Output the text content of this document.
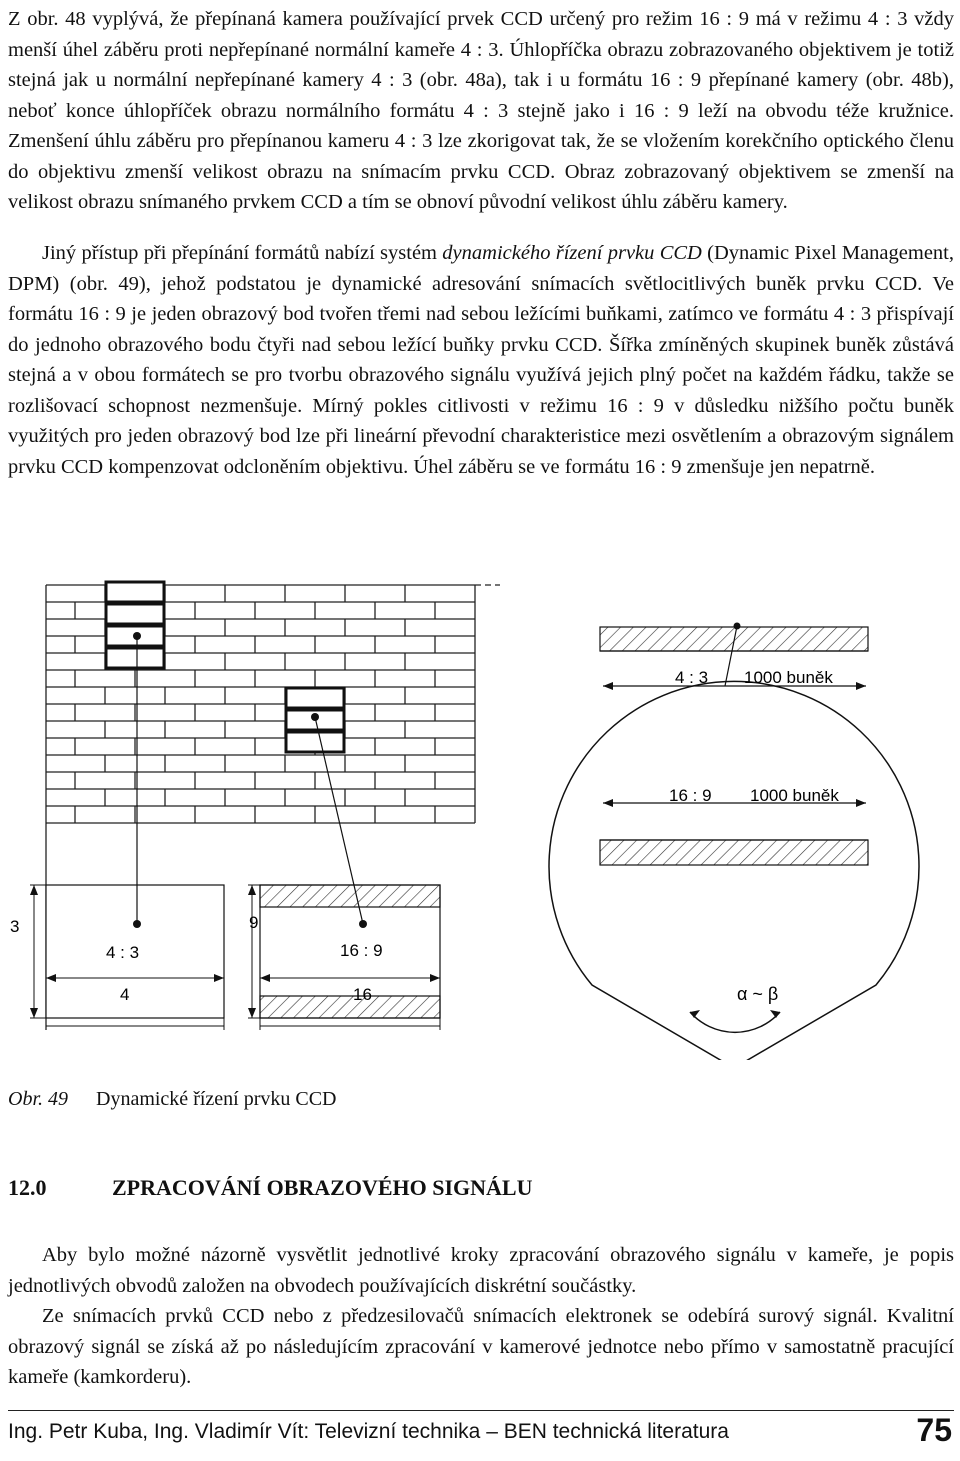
Z obr. 48 vyplývá, že přepínaná kamera používající prvek CCD určený pro režim 16 : 9 má v režimu 4 : 3 vždy menší úhel záběru proti nepřepínané normální kameře 4 : 3. Úhlopříčka obrazu zobrazovaného objektivem je totiž stejná jak u normální nepřepínané kamery 4 : 3 (obr. 48a), tak i u formátu 16 : 9 přepínané kamery (obr. 48b), neboť konce úhlopříček obrazu normálního formátu 4 : 3 stejně jako i 16 : 9 leží na obvodu téže kružnice. Zmenšení úhlu záběru pro přepínanou kameru 4 : 3 lze zkorigovat tak, že se vložením korekčního optického členu do objektivu zmenší velikost obrazu na snímacím prvku CCD. Obraz zobrazovaný objektivem se zmenší na velikost obrazu snímaného prvkem CCD a tím se obnoví původní velikost úhlu záběru kamery.

Jiný přístup při přepínání formátů nabízí systém dynamického řízení prvku CCD (Dynamic Pixel Management, DPM) (obr. 49), jehož podstatou je dynamické adresování snímacích světlocitlivých buněk prvku CCD. Ve formátu 16 : 9 je jeden obrazový bod tvořen třemi nad sebou ležícími buňkami, zatímco ve formátu 4 : 3 přispívají do jednoho obrazového bodu čtyři nad sebou ležící buňky prvku CCD. Šířka zmíněných skupinek buněk zůstává stejná a v obou formátech se pro tvorbu obrazového signálu využívá jejich plný počet na každém řádku, takže se rozlišovací schopnost nezmenšuje. Mírný pokles citlivosti v režimu 16 : 9 v důsledku nižšího počtu buněk využitých pro jeden obrazový bod lze při lineární převodní charakteristice mezi osvětlením a obrazovým signálem prvku CCD kompenzovat odcloněním objektivu. Úhel záběru se ve formátu 16 : 9 zmenšuje jen nepatrně.

4 : 3 1000 buněk
16 : 9 1000 buněk
α ~ β
3
4 : 3
4
9
16 : 9
16
Obr. 49 Dynamické řízení prvku CCD
12.0	ZPRACOVÁNÍ OBRAZOVÉHO SIGNÁLU

Aby bylo možné názorně vysvětlit jednotlivé kroky zpracování obrazového signálu v kameře, je popis jednotlivých obvodů založen na obvodech používajících diskrétní součástky.

Ze snímacích prvků CCD nebo z předzesilovačů snímacích elektronek se odebírá surový signál. Kvalitní obrazový signál se získá až po následujícím zpracování v kamerové jednotce nebo přímo v samostatně pracující kameře (kamkorderu).

Ing. Petr Kuba, Ing. Vladimír Vít: Televizní technika – BEN technická literatura	75
